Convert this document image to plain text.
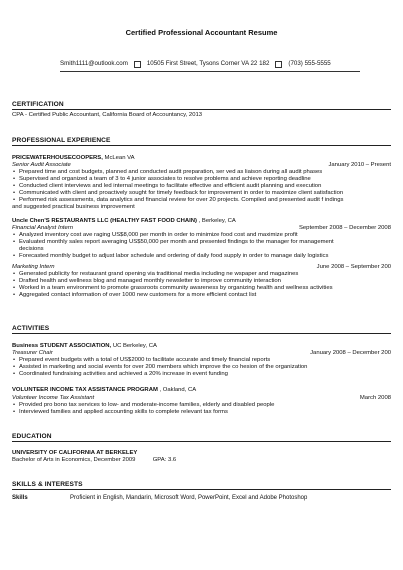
Certified Professional Accountant Resume
Smith1111@outlook.com	10505 First Street, Tysons Corner VA 22 182	(703) 555-5555
CERTIFICATION
CPA - Certified Public Accountant, California Board of Accountancy, 2013
PROFESSIONAL EXPERIENCE
PRICEWATERHOUSECOOPERS, McLean VA
Senior Audit Associate	January 2010 – Present
• Prepared time and cost budgets, planned and conducted audit preparation, ser ved as liaison during all audit phases
• Supervised and organized a team of 3 to 4 junior associates to resolve problems and achieve reporting deadline
• Conducted client interviews and led internal meetings to facilitate effective and efficient audit planning and execution
• Communicated with client and proactively sought for timely feedback for improvement in order to maximize client satisfaction
• Performed risk assessments, data analytics and financial review for over 20 projects. Compiled and presented audit f indings
and suggested practical business improvement
Uncle Chen'S RESTAURANTS LLC (HEALTHY FAST FOOD CHAIN) , Berkeley, CA
Financial Analyst Intern	September 2008 – December 2008
• Analyzed inventory cost ave raging US$8,000 per month in order to minimize food cost and maximize profit
• Evaluated monthly sales report averaging US$50,000 per month and presented findings to the manager for management
decisions
• Forecasted monthly budget to adjust labor schedule and ordering of daily food supply in order to manage daily logistics
Marketing Intern	June 2008 – September 200
• Generated publicity for restaurant grand opening via traditional media including ne wspaper and magazines
• Drafted health and wellness blog and managed monthly newsletter to improve community interaction
• Worked in a team environment to promote grassroots community awareness by organizing health and wellness activities
• Aggregated contact information of over 1000 new customers for a more efficient contact list
ACTIVITIES
Business STUDENT ASSOCIATION, UC Berkeley, CA
Treasurer Chair	January 2008 – December 200
• Prepared event budgets with a total of US$2000 to facilitate accurate and timely financial reports
• Assisted in marketing and social events for over 200 members which improve the co hesion of the organization
• Coordinated fundraising activities and achieved a 20% increase in event funding
VOLUNTEER INCOME TAX ASSISTANCE PROGRAM , Oakland, CA
Volunteer Income Tax Assistant	March 2008
• Provided pro bono tax services to low- and moderate-income families, elderly and disabled people
• Interviewed families and applied accounting skills to complete relevant tax forms
EDUCATION
UNIVERSITY OF CALIFORNIA AT BERKELEY
Bachelor of Arts in Economics, December 2009	GPA: 3.6
SKILLS & INTERESTS
Skills	Proficient in English, Mandarin, Microsoft Word, PowerPoint, Excel and Adobe Photoshop
